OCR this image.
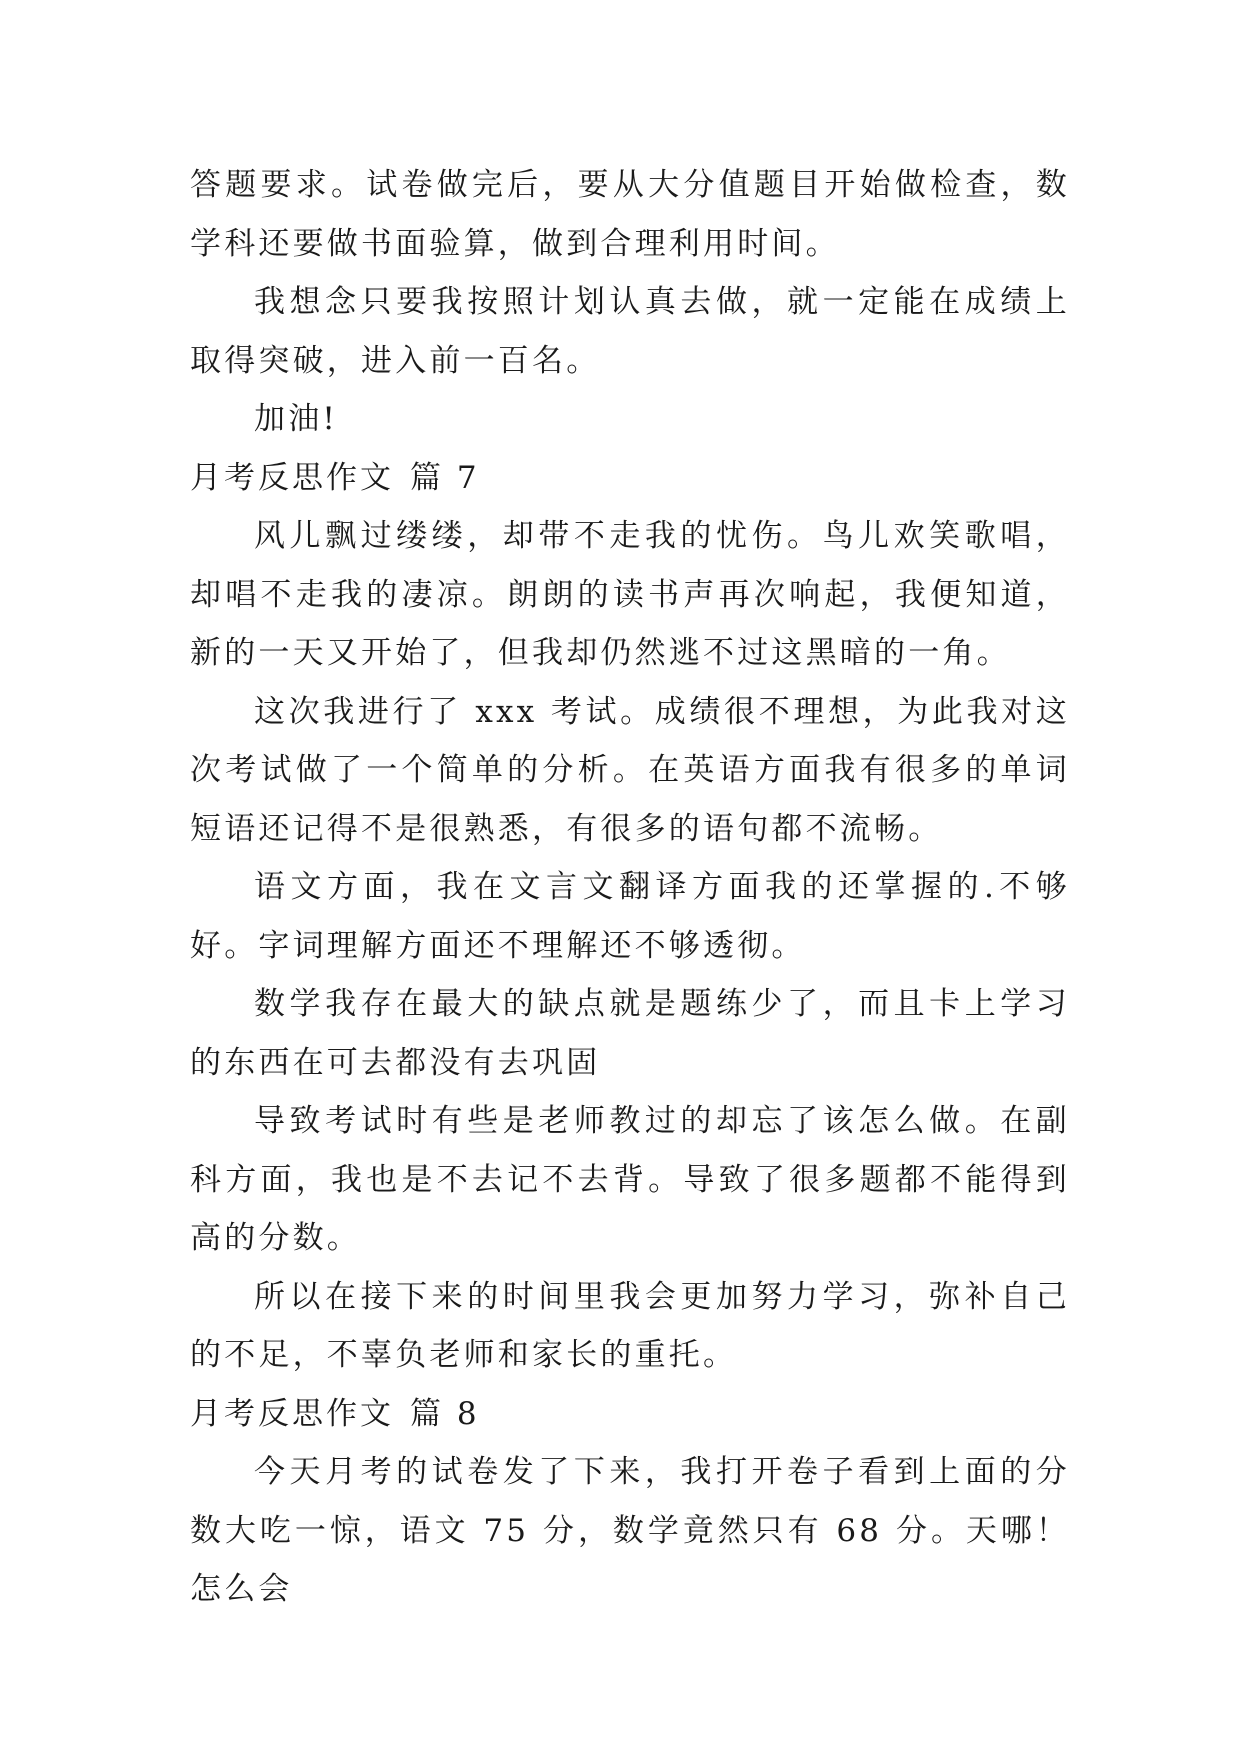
答题要求。试卷做完后，要从大分值题目开始做检查，数学科还要做书面验算，做到合理利用时间。

我想念只要我按照计划认真去做，就一定能在成绩上取得突破，进入前一百名。

加油!

月考反思作文 篇 7

风儿飘过缕缕，却带不走我的忧伤。鸟儿欢笑歌唱，却唱不走我的凄凉。朗朗的读书声再次响起，我便知道，新的一天又开始了，但我却仍然逃不过这黑暗的一角。

这次我进行了 xxx 考试。成绩很不理想，为此我对这次考试做了一个简单的分析。在英语方面我有很多的单词短语还记得不是很熟悉，有很多的语句都不流畅。

语文方面，我在文言文翻译方面我的还掌握的.不够好。字词理解方面还不理解还不够透彻。

数学我存在最大的缺点就是题练少了，而且卡上学习的东西在可去都没有去巩固

导致考试时有些是老师教过的却忘了该怎么做。在副科方面，我也是不去记不去背。导致了很多题都不能得到高的分数。

所以在接下来的时间里我会更加努力学习，弥补自己的不足，不辜负老师和家长的重托。

月考反思作文 篇 8

今天月考的试卷发了下来，我打开卷子看到上面的分数大吃一惊，语文 75 分，数学竟然只有 68 分。天哪！怎么会
